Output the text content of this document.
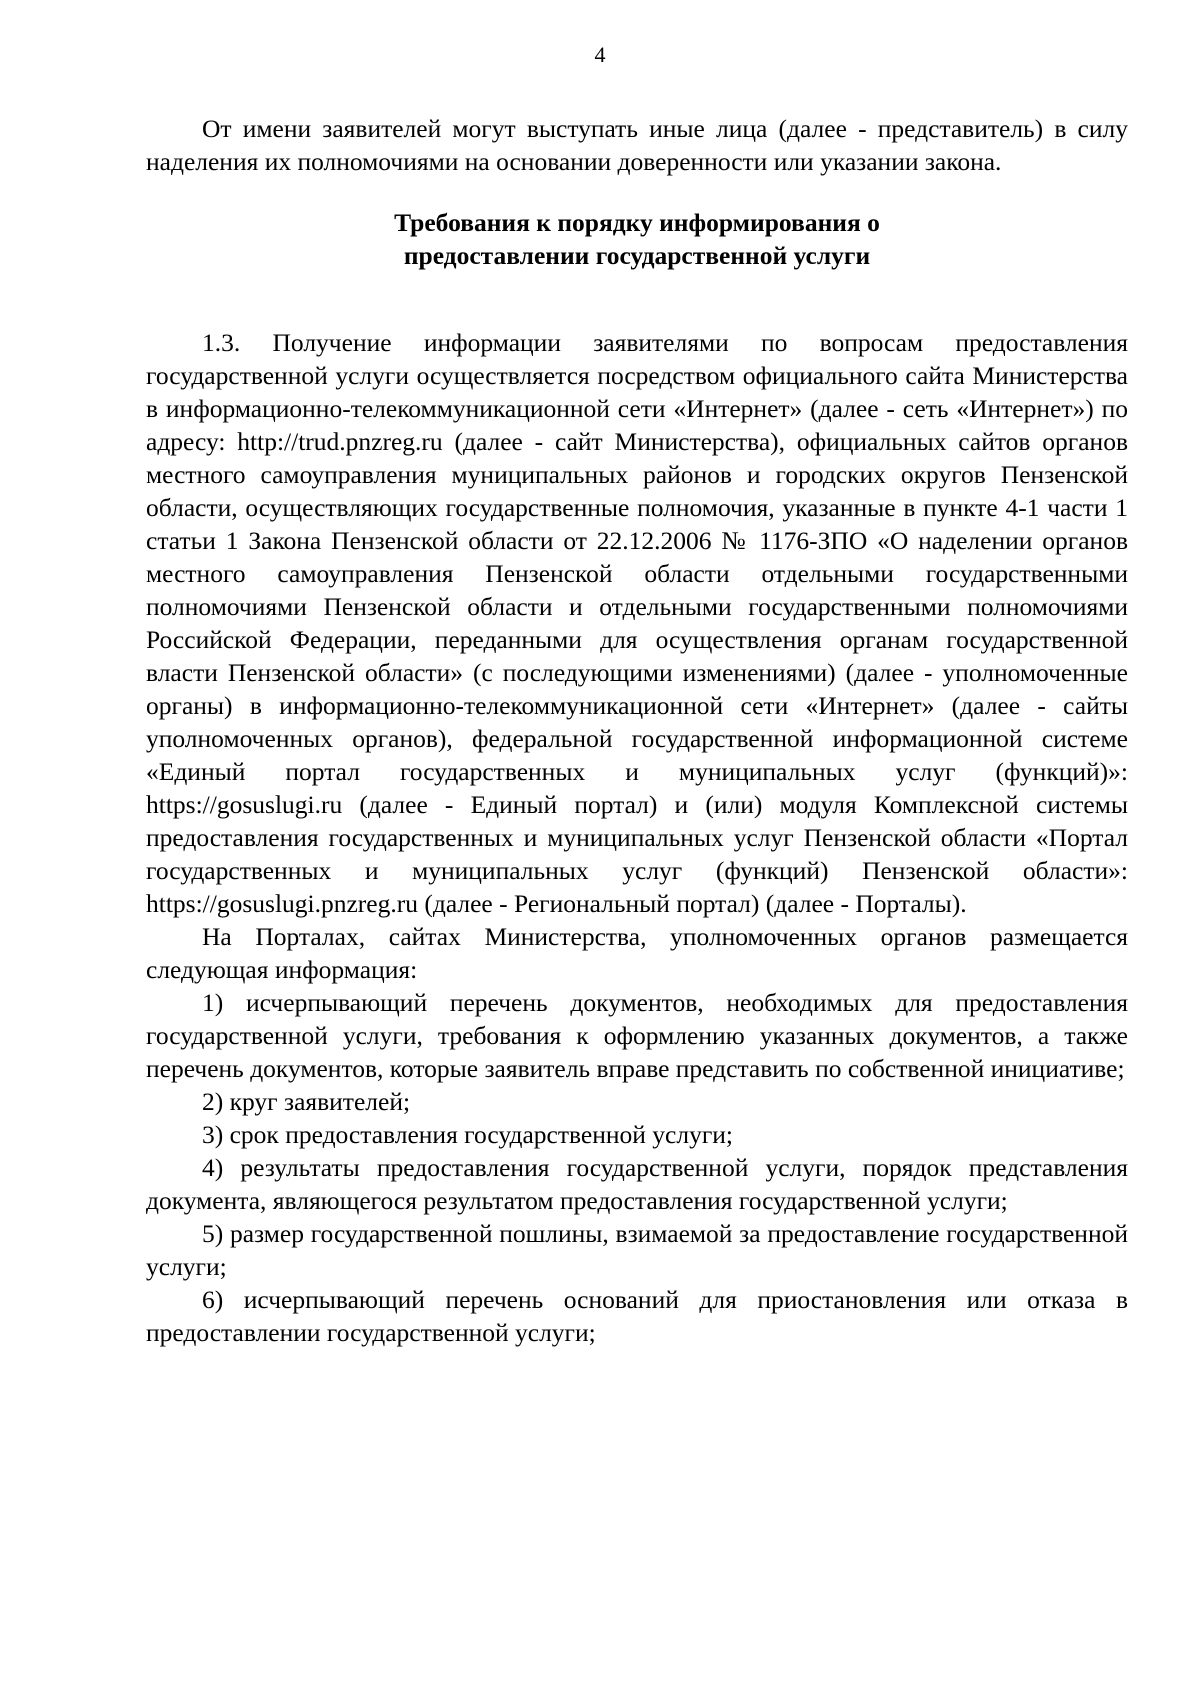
4

От имени заявителей могут выступать иные лица (далее - представитель) в силу наделения их полномочиями на основании доверенности или указании закона.

Требования к порядку информирования о
предоставлении государственной услуги

1.3. Получение информации заявителями по вопросам предоставления государственной услуги осуществляется посредством официального сайта Министерства в информационно-телекоммуникационной сети «Интернет» (далее - сеть «Интернет») по адресу: http://trud.pnzreg.ru (далее - сайт Министерства), официальных сайтов органов местного самоуправления муниципальных районов и городских округов Пензенской области, осуществляющих государственные полномочия, указанные в пункте 4-1 части 1 статьи 1 Закона Пензенской области от 22.12.2006 № 1176-ЗПО «О наделении органов местного самоуправления Пензенской области отдельными государственными полномочиями Пензенской области и отдельными государственными полномочиями Российской Федерации, переданными для осуществления органам государственной власти Пензенской области» (с последующими изменениями) (далее - уполномоченные органы) в информационно-телекоммуникационной сети «Интернет» (далее - сайты уполномоченных органов), федеральной государственной информационной системе «Единый портал государственных и муниципальных услуг (функций)»: https://gosuslugi.ru (далее - Единый портал) и (или) модуля Комплексной системы предоставления государственных и муниципальных услуг Пензенской области «Портал государственных и муниципальных услуг (функций) Пензенской области»: https://gosuslugi.pnzreg.ru (далее - Региональный портал) (далее - Порталы).

На Порталах, сайтах Министерства, уполномоченных органов размещается следующая информация:

1) исчерпывающий перечень документов, необходимых для предоставления государственной услуги, требования к оформлению указанных документов, а также перечень документов, которые заявитель вправе представить по собственной инициативе;

2) круг заявителей;

3) срок предоставления государственной услуги;

4) результаты предоставления государственной услуги, порядок представления документа, являющегося результатом предоставления государственной услуги;

5) размер государственной пошлины, взимаемой за предоставление государственной услуги;

6) исчерпывающий перечень оснований для приостановления или отказа в предоставлении государственной услуги;
